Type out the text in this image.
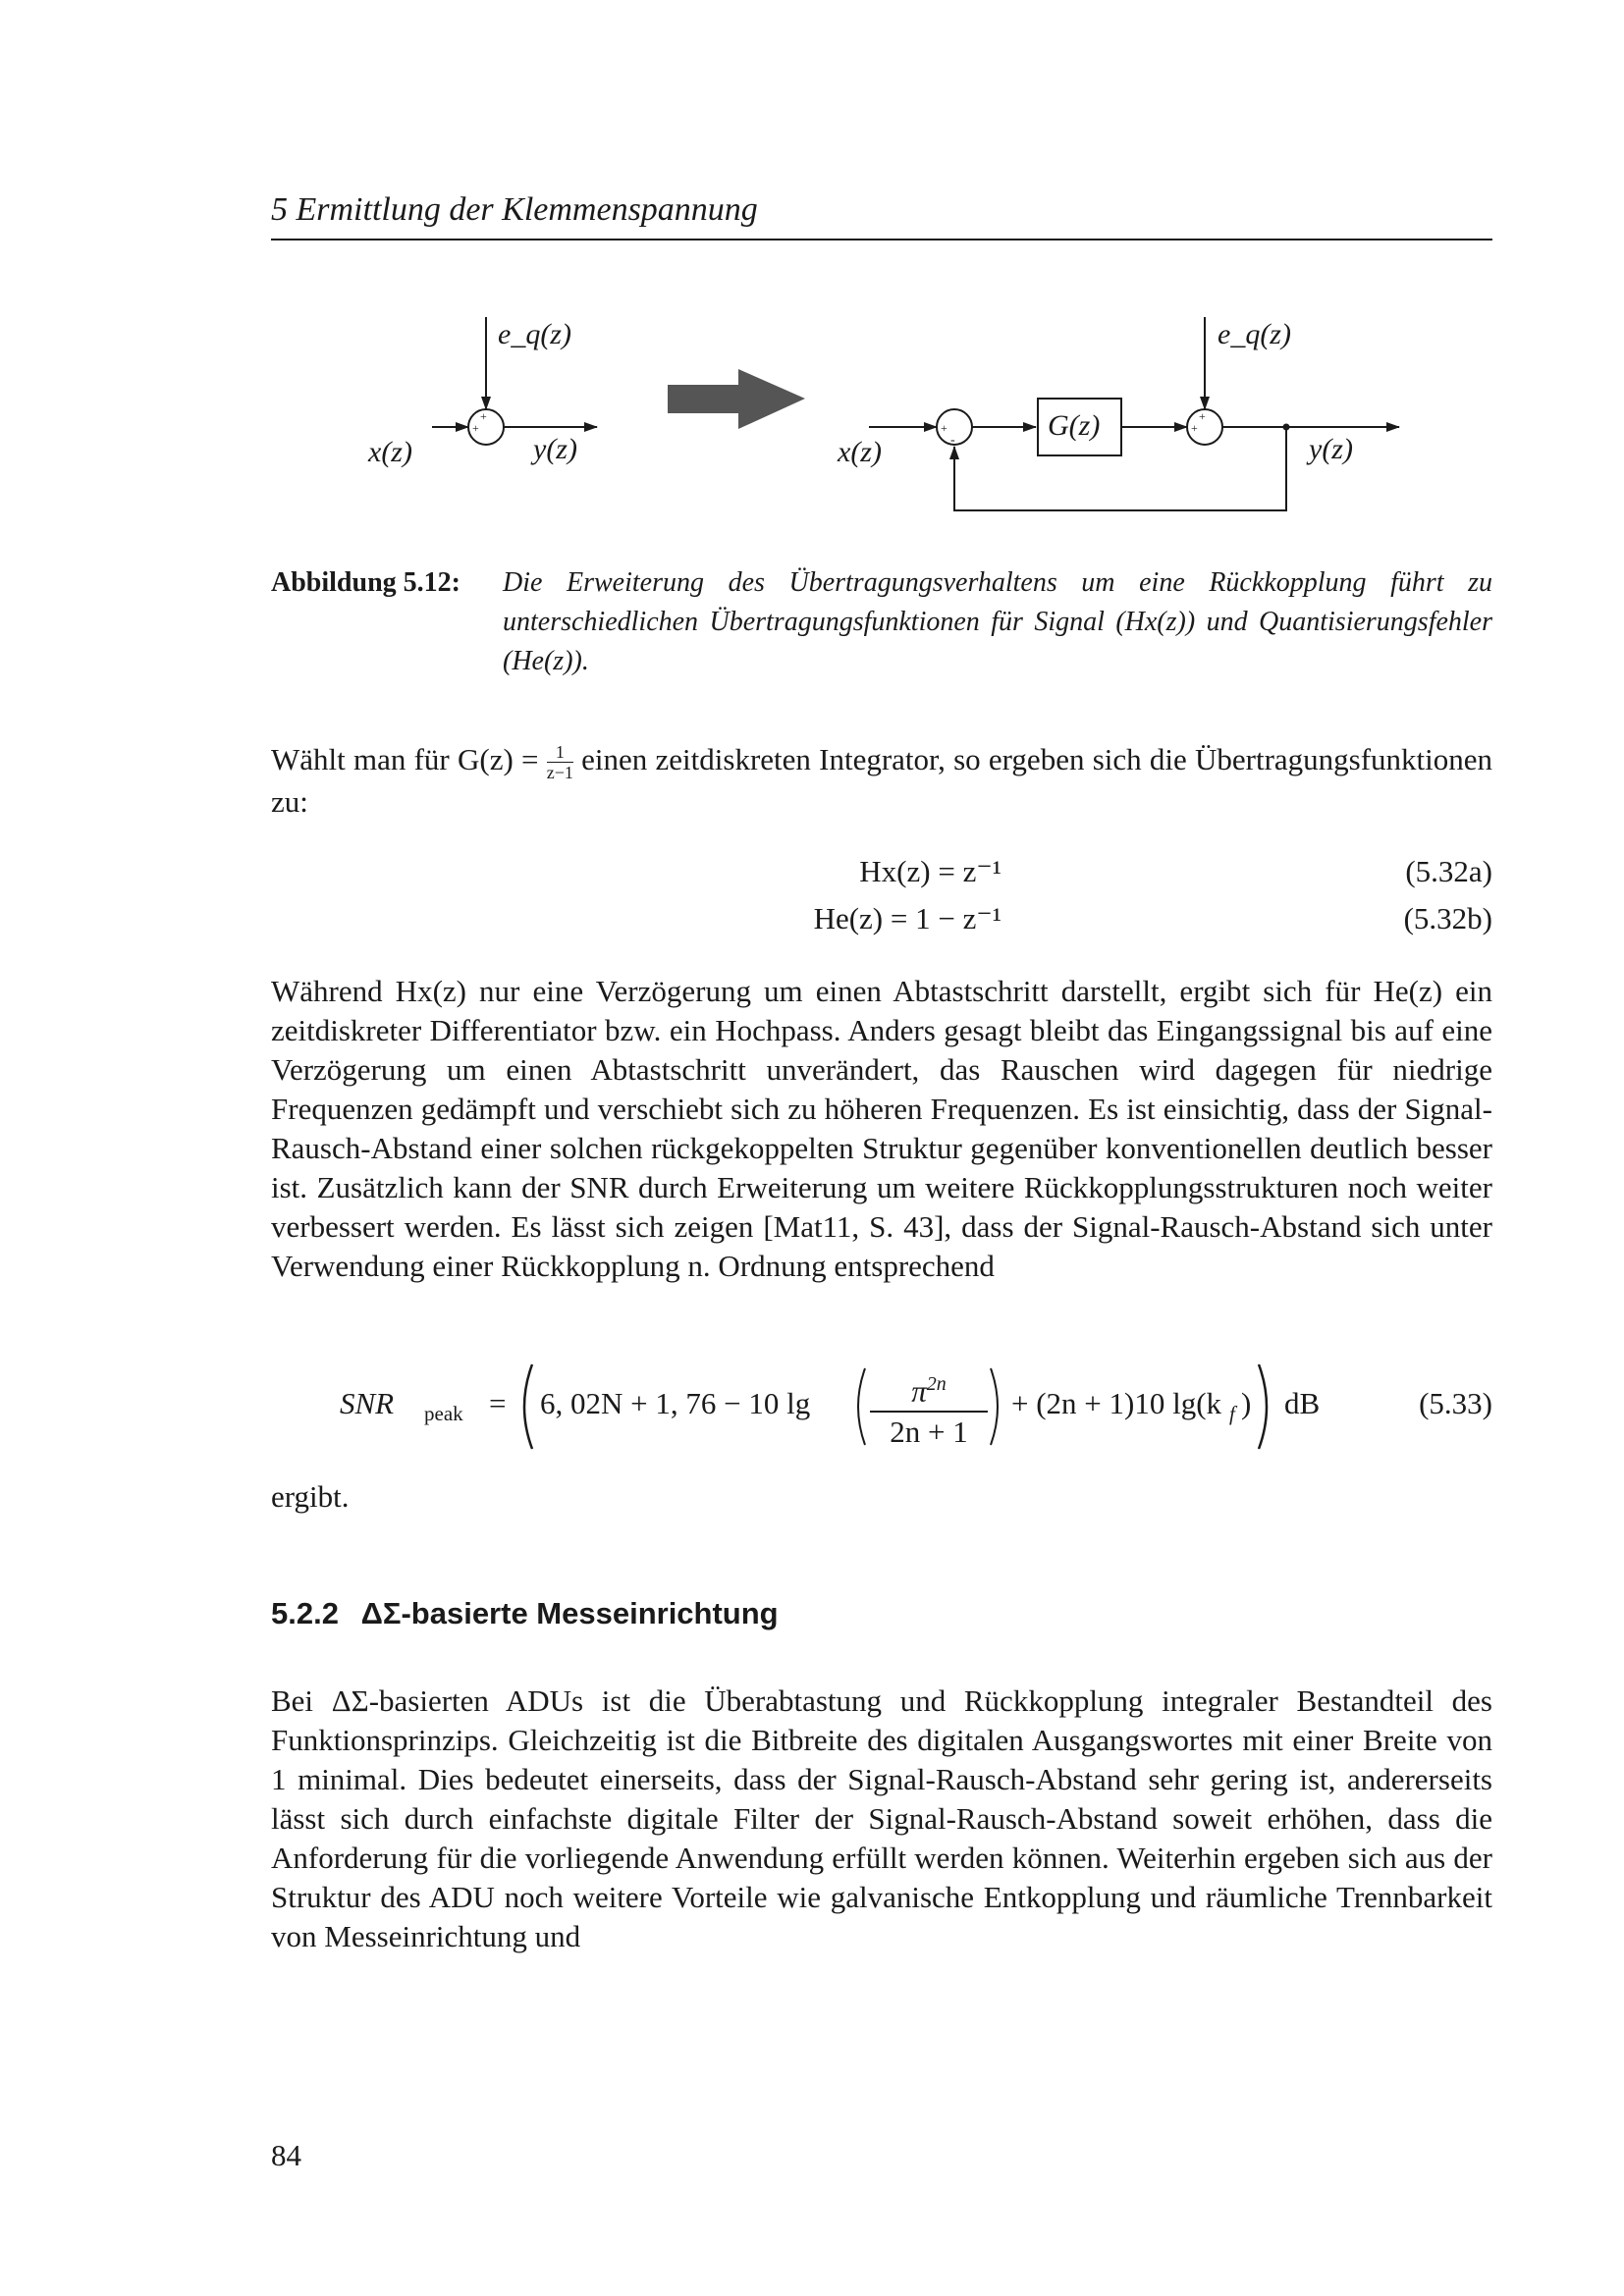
5 Ermittlung der Klemmenspannung
+
+
e_q(z)
x(z)	y(z)
+
-	G(z)	+
+
e_q(z)
x(z)	y(z)
Abbildung 5.12: Die Erweiterung des Übertragungsverhaltens um eine Rückkopplung führt zu unterschiedlichen Übertragungsfunktionen für Signal (Hx(z)) und Quantisierungsfehler (He(z)).
Wählt man für $G(z) = \frac{1}{z-1}$ einen zeitdiskreten Integrator, so ergeben sich die Übertragungsfunktionen zu:
Hx(z) = z⁻¹	(5.32a)
He(z) = 1 − z⁻¹	(5.32b)
Während Hx(z) nur eine Verzögerung um einen Abtastschritt darstellt, ergibt sich für He(z) ein zeitdiskreter Differentiator bzw. ein Hochpass. Anders gesagt bleibt das Eingangssignal bis auf eine Verzögerung um einen Abtastschritt unverändert, das Rauschen wird dagegen für niedrige Frequenzen gedämpft und verschiebt sich zu höheren Frequenzen. Es ist einsichtig, dass der Signal-Rausch-Abstand einer solchen rückgekoppelten Struktur gegenüber konventionellen deutlich besser ist. Zusätzlich kann der SNR durch Erweiterung um weitere Rückkopplungsstrukturen noch weiter verbessert werden. Es lässt sich zeigen [Mat11, S. 43], dass der Signal-Rausch-Abstand sich unter Verwendung einer Rückkopplung n. Ordnung entsprechend
SNR peak = 6, 02N + 1, 76 − 10 $\lg \frac{\pi^{2n}}{2n + 1} + (2n + 1)10$ lg(k f ) dB	(5.33)
ergibt.
5.2.2 ΔΣ-basierte Messeinrichtung
Bei ΔΣ-basierten ADUs ist die Überabtastung und Rückkopplung integraler Bestandteil des Funktionsprinzips. Gleichzeitig ist die Bitbreite des digitalen Ausgangswortes mit einer Breite von 1 minimal. Dies bedeutet einerseits, dass der Signal-Rausch-Abstand sehr gering ist, andererseits lässt sich durch einfachste digitale Filter der Signal-Rausch-Abstand soweit erhöhen, dass die Anforderung für die vorliegende Anwendung erfüllt werden können. Weiterhin ergeben sich aus der Struktur des ADU noch weitere Vorteile wie galvanische Entkopplung und räumliche Trennbarkeit von Messeinrichtung und
84
